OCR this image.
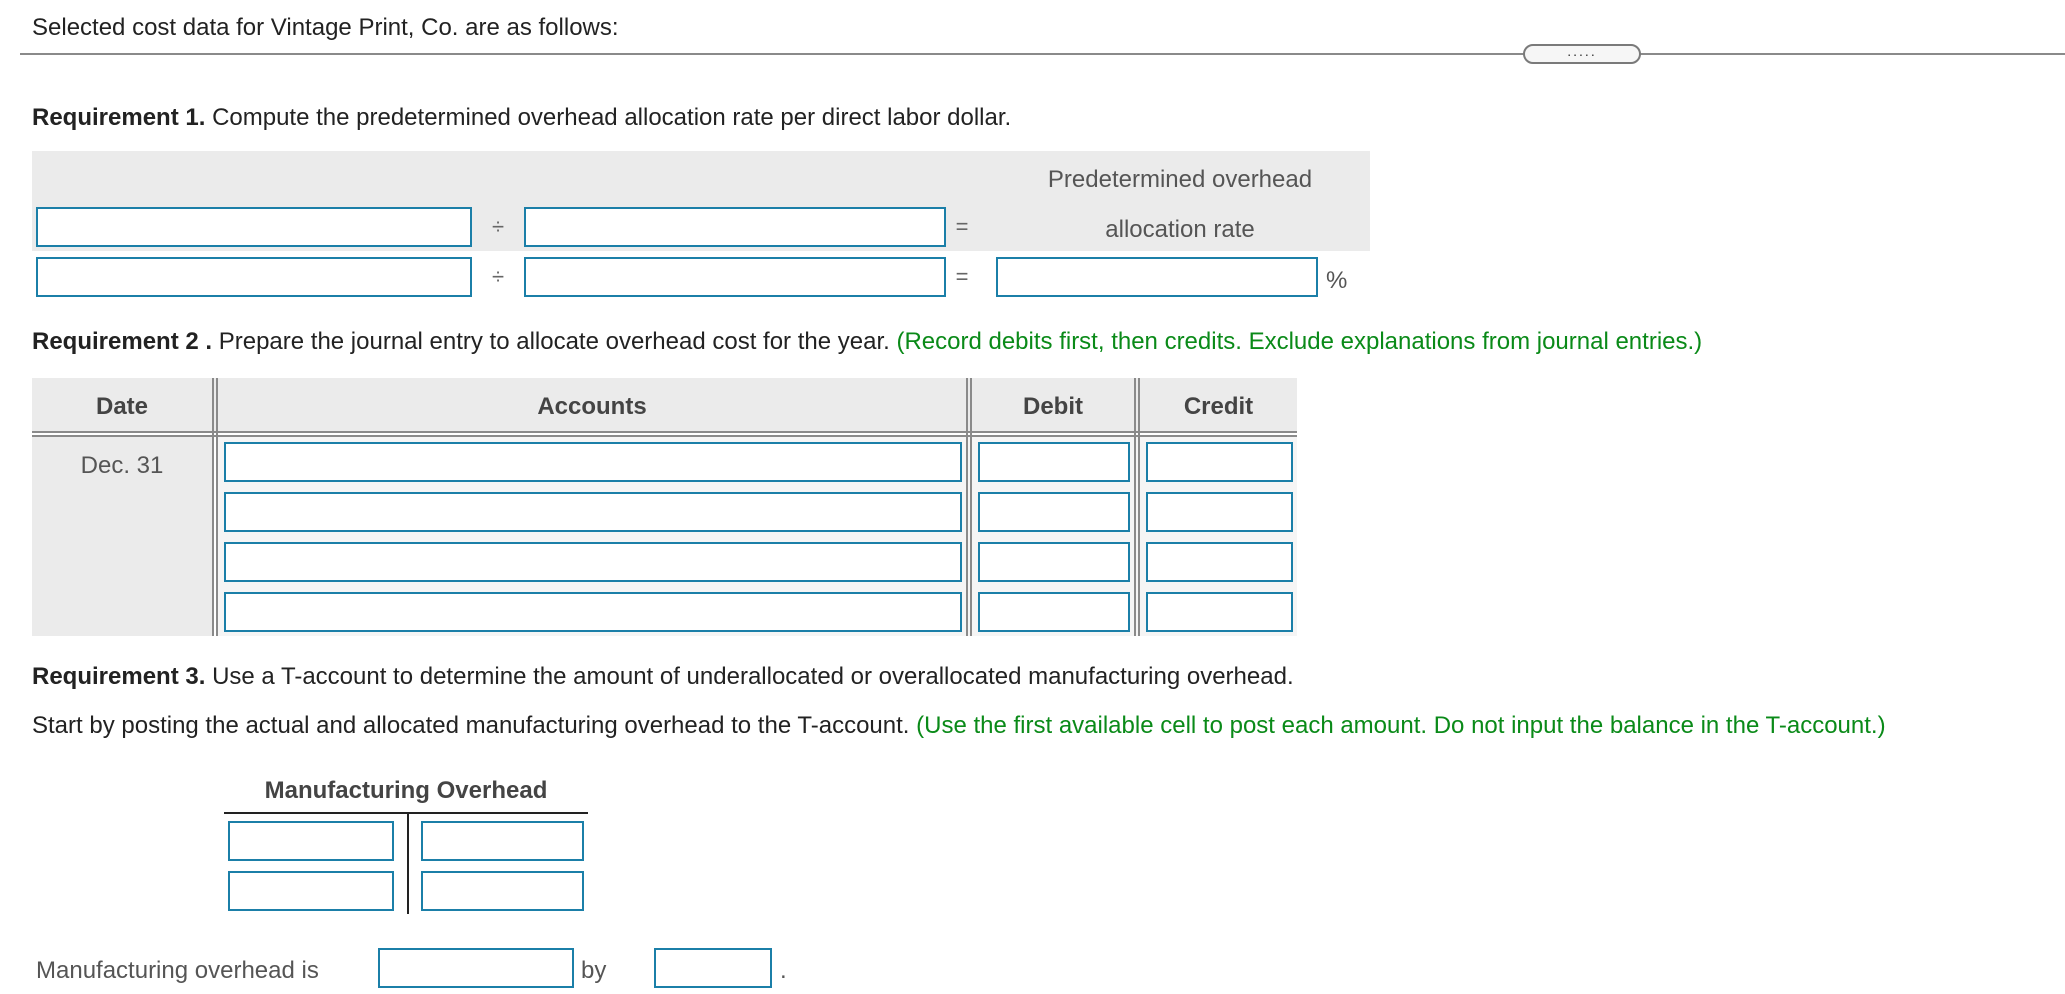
Selected cost data for Vintage Print, Co. are as follows:
.....
Requirement 1. Compute the predetermined overhead allocation rate per direct labor dollar.
Predetermined overhead
allocation rate
÷	=
÷	=	%
Requirement 2 . Prepare the journal entry to allocate overhead cost for the year. (Record debits first, then credits. Exclude explanations from journal entries.)
Date	Accounts	Debit	Credit
Dec. 31
Requirement 3. Use a T-account to determine the amount of underallocated or overallocated manufacturing overhead.
Start by posting the actual and allocated manufacturing overhead to the T-account. (Use the first available cell to post each amount. Do not input the balance in the T-account.)
Manufacturing Overhead
Manufacturing overhead is	by	.
